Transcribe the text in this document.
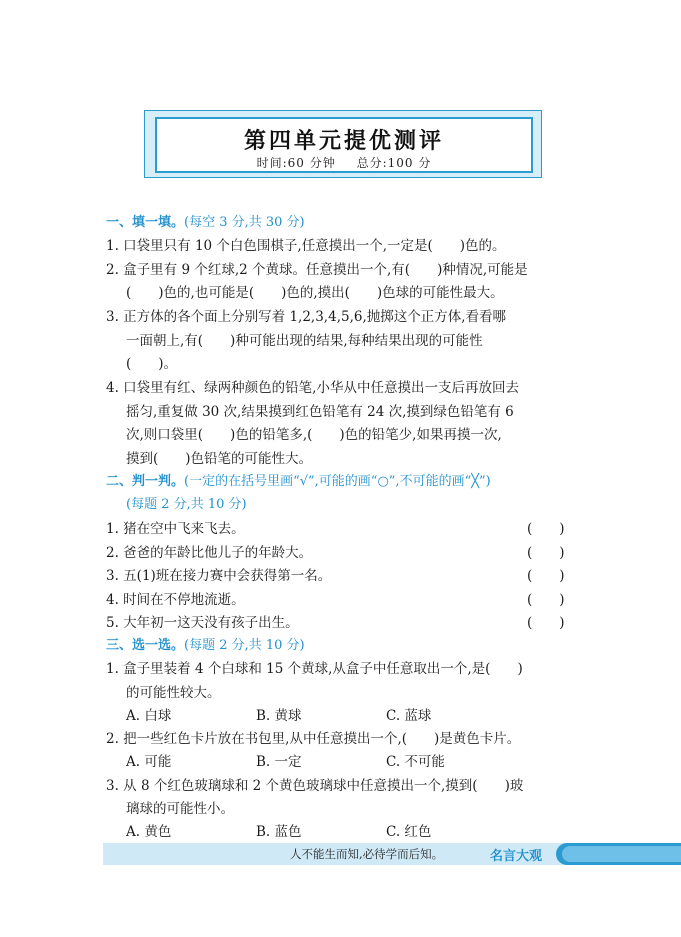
第四单元提优测评
时间:60 分钟 总分:100 分
一、填一填。(每空 3 分,共 30 分)
1. 口袋里只有 10 个白色围棋子,任意摸出一个,一定是(　　)色的。
2. 盒子里有 9 个红球,2 个黄球。任意摸出一个,有(　　)种情况,可能是
(　　)色的,也可能是(　　)色的,摸出(　　)色球的可能性最大。
3. 正方体的各个面上分别写着 1,2,3,4,5,6,抛掷这个正方体,看看哪
一面朝上,有(　　)种可能出现的结果,每种结果出现的可能性
(　　)。
4. 口袋里有红、绿两种颜色的铅笔,小华从中任意摸出一支后再放回去
摇匀,重复做 30 次,结果摸到红色铅笔有 24 次,摸到绿色铅笔有 6
次,则口袋里(　　)色的铅笔多,(　　)色的铅笔少,如果再摸一次,
摸到(　　)色铅笔的可能性大。
二、判一判。(一定的在括号里画“√”,可能的画“○”,不可能的画“╳”)
(每题 2 分,共 10 分)
1. 猪在空中飞来飞去。	(　　)
2. 爸爸的年龄比他儿子的年龄大。	(　　)
3. 五(1)班在接力赛中会获得第一名。	(　　)
4. 时间在不停地流逝。	(　　)
5. 大年初一这天没有孩子出生。	(　　)
三、选一选。(每题 2 分,共 10 分)
1. 盒子里装着 4 个白球和 15 个黄球,从盒子中任意取出一个,是(　　)
的可能性较大。
A. 白球	B. 黄球	C. 蓝球
2. 把一些红色卡片放在书包里,从中任意摸出一个,(　　)是黄色卡片。
A. 可能	B. 一定	C. 不可能
3. 从 8 个红色玻璃球和 2 个黄色玻璃球中任意摸出一个,摸到(　　)玻
璃球的可能性小。
A. 黄色	B. 蓝色	C. 红色
人不能生而知,必待学而后知。	名言大观
